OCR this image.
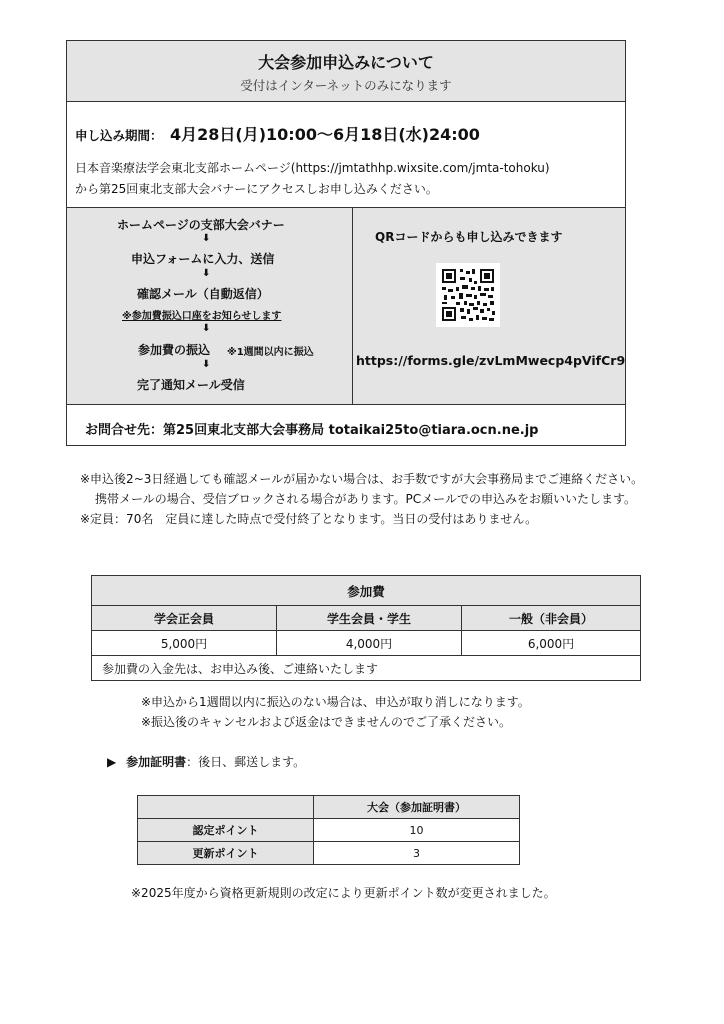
大会参加申込みについて
受付はインターネットのみになります
申し込み期間： 4月28日(月)10:00〜6月18日(水)24:00
日本音楽療法学会東北支部ホームページ(https://jmtathhp.wixsite.com/jmta-tohoku)
から第25回東北支部大会バナーにアクセスしお申し込みください。
ホームページの支部大会バナー
⬇
申込フォームに入力、送信
⬇
確認メール（自動返信）
※参加費振込口座をお知らせします
⬇
参加費の振込 ※1週間以内に振込
⬇
完了通知メール受信
QRコードからも申し込みできます
https://forms.gle/zvLmMwecp4pVifCr9
お問合せ先：第25回東北支部大会事務局 totaikai25to@tiara.ocn.ne.jp
※申込後2~3日経過しても確認メールが届かない場合は、お手数ですが大会事務局までご連絡ください。
携帯メールの場合、受信ブロックされる場合があります。PCメールでの申込みをお願いいたします。
※定員：70名　定員に達した時点で受付終了となります。当日の受付はありません。
参加費		
学会正会員	学生会員・学生	一般（非会員）
5,000円	4,000円	6,000円
参加費の入金先は、お申込み後、ご連絡いたします		
※申込から1週間以内に振込のない場合は、申込が取り消しになります。
※振込後のキャンセルおよび返金はできませんのでご了承ください。
▶ 参加証明書：後日、郵送します。
	大会（参加証明書）
認定ポイント	10
更新ポイント	3
※2025年度から資格更新規則の改定により更新ポイント数が変更されました。
